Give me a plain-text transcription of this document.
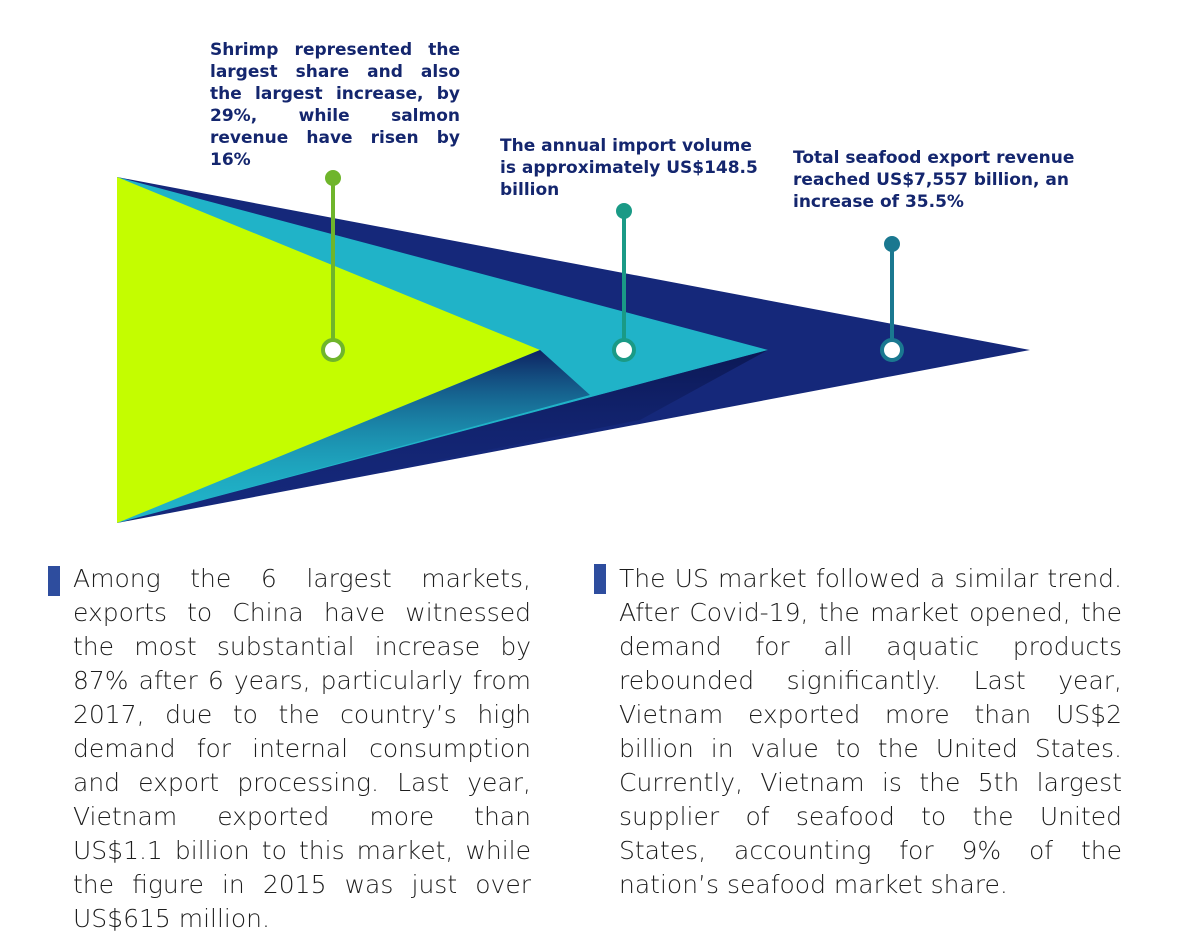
Shrimp represented the largest share and also the largest increase, by 29%, while salmon revenue have risen by 16%

The annual import volume is approximately US$148.5 billion

Total seafood export revenue reached US$7,557 billion, an increase of 35.5%

Among the 6 largest markets, exports to China have witnessed the most substantial increase by 87% after 6 years, particularly from 2017, due to the country’s high demand for internal consumption and export processing. Last year, Vietnam exported more than US$1.1 billion to this market, while the figure in 2015 was just over US$615 million.

The US market followed a similar trend. After Covid-19, the market opened, the demand for all aquatic products rebounded significantly. Last year, Vietnam exported more than US$2 billion in value to the United States. Currently, Vietnam is the 5th largest supplier of seafood to the United States, accounting for 9% of the nation’s seafood market share.
